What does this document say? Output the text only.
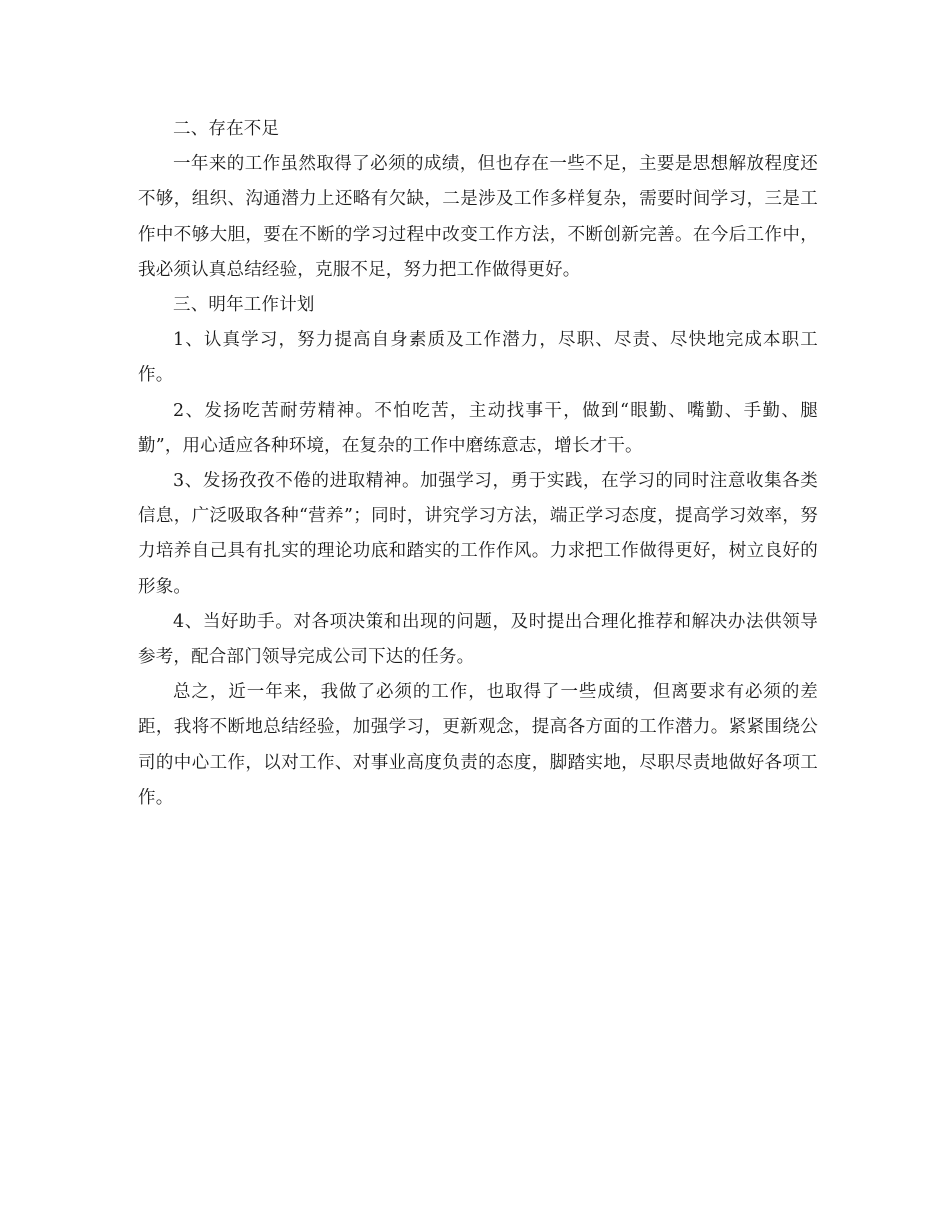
二、存在不足

一年来的工作虽然取得了必须的成绩，但也存在一些不足，主要是思想解放程度还不够，组织、沟通潜力上还略有欠缺，二是涉及工作多样复杂，需要时间学习，三是工作中不够大胆，要在不断的学习过程中改变工作方法，不断创新完善。在今后工作中，我必须认真总结经验，克服不足，努力把工作做得更好。

三、明年工作计划

1、认真学习，努力提高自身素质及工作潜力，尽职、尽责、尽快地完成本职工作。

2、发扬吃苦耐劳精神。不怕吃苦，主动找事干，做到“眼勤、嘴勤、手勤、腿勤”，用心适应各种环境，在复杂的工作中磨练意志，增长才干。

3、发扬孜孜不倦的进取精神。加强学习，勇于实践，在学习的同时注意收集各类信息，广泛吸取各种“营养”；同时，讲究学习方法，端正学习态度，提高学习效率，努力培养自己具有扎实的理论功底和踏实的工作作风。力求把工作做得更好，树立良好的形象。

4、当好助手。对各项决策和出现的问题，及时提出合理化推荐和解决办法供领导参考，配合部门领导完成公司下达的任务。

总之，近一年来，我做了必须的工作，也取得了一些成绩，但离要求有必须的差距，我将不断地总结经验，加强学习，更新观念，提高各方面的工作潜力。紧紧围绕公司的中心工作，以对工作、对事业高度负责的态度，脚踏实地，尽职尽责地做好各项工作。
